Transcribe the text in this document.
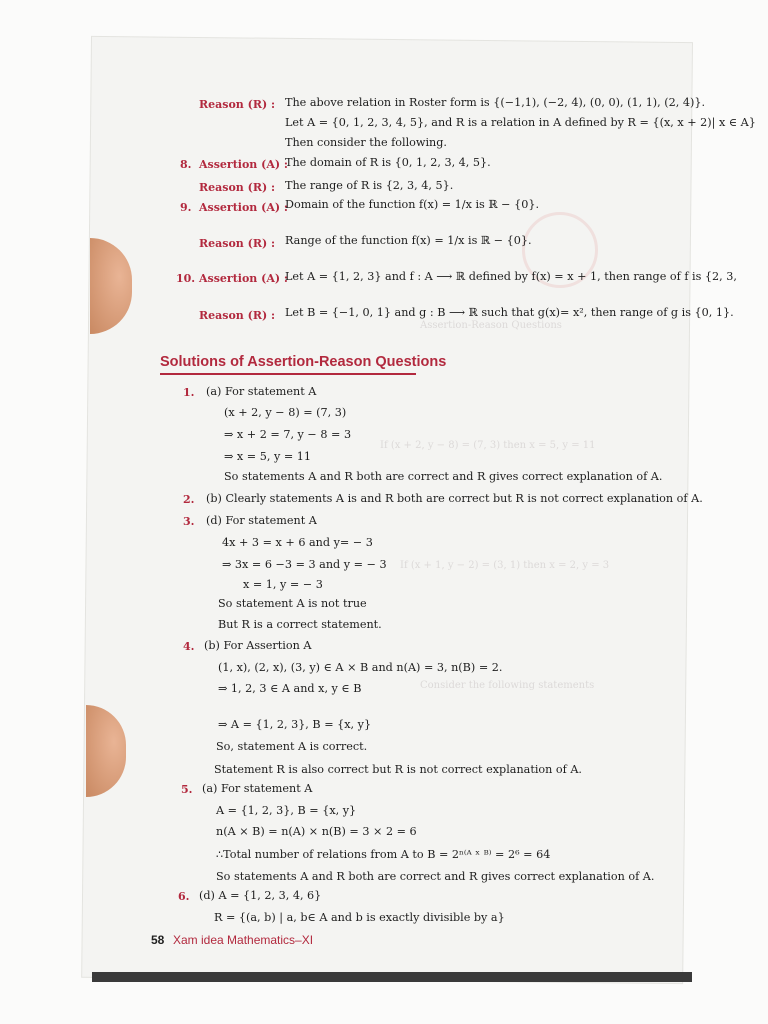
Assertion-Reason Questions
If (x + 2, y − 8) = (7, 3) then x = 5, y = 11
If (x + 1, y − 2) = (3, 1) then x = 2, y = 3
Consider the following statements
Reason (R) : The above relation in Roster form is {(−1,1), (−2, 4), (0, 0), (1, 1), (2, 4)}.
Let A = {0, 1, 2, 3, 4, 5}, and R is a relation in A defined by R = {(x, x + 2)| x ∈ A}
Then consider the following.
8. Assertion (A) :
The domain of R is {0, 1, 2, 3, 4, 5}.
Reason (R) : The range of R is {2, 3, 4, 5}.
9. Assertion (A) :
Domain of the function f(x) = 1/x is ℝ − {0}.
Reason (R) : Range of the function f(x) = 1/x is ℝ − {0}.
10. Assertion (A) :
Let A = {1, 2, 3} and f : A ⟶ ℝ defined by f(x) = x + 1, then range of f is {2, 3,
Reason (R) : Let B = {−1, 0, 1} and g : B ⟶ ℝ such that g(x)= x², then range of g is {0, 1}.
Solutions of Assertion-Reason Questions
1. (a) For statement A
(x + 2, y − 8) = (7, 3)
⇒ x + 2 = 7, y − 8 = 3
⇒ x = 5, y = 11
So statements A and R both are correct and R gives correct explanation of A.
2. (b) Clearly statements A is and R both are correct but R is not correct explanation of A.
3. (d) For statement A
4x + 3 = x + 6 and y= − 3
⇒ 3x = 6 −3 = 3 and y = − 3
x = 1, y = − 3
So statement A is not true
But R is a correct statement.
4. (b) For Assertion A
(1, x), (2, x), (3, y) ∈ A × B and n(A) = 3, n(B) = 2.
⇒ 1, 2, 3 ∈ A and x, y ∈ B
⇒ A = {1, 2, 3}, B = {x, y}
So, statement A is correct.
Statement R is also correct but R is not correct explanation of A.
5. (a) For statement A
A = {1, 2, 3}, B = {x, y}
n(A × B) = n(A) × n(B) = 3 × 2 = 6
∴Total number of relations from A to B = 2ⁿ⁽ᴬ ˣ ᴮ⁾ = 2⁶ = 64
So statements A and R both are correct and R gives correct explanation of A.
6. (d) A = {1, 2, 3, 4, 6}
R = {(a, b) | a, b∈ A and b is exactly divisible by a}
58 Xam idea Mathematics–XI
